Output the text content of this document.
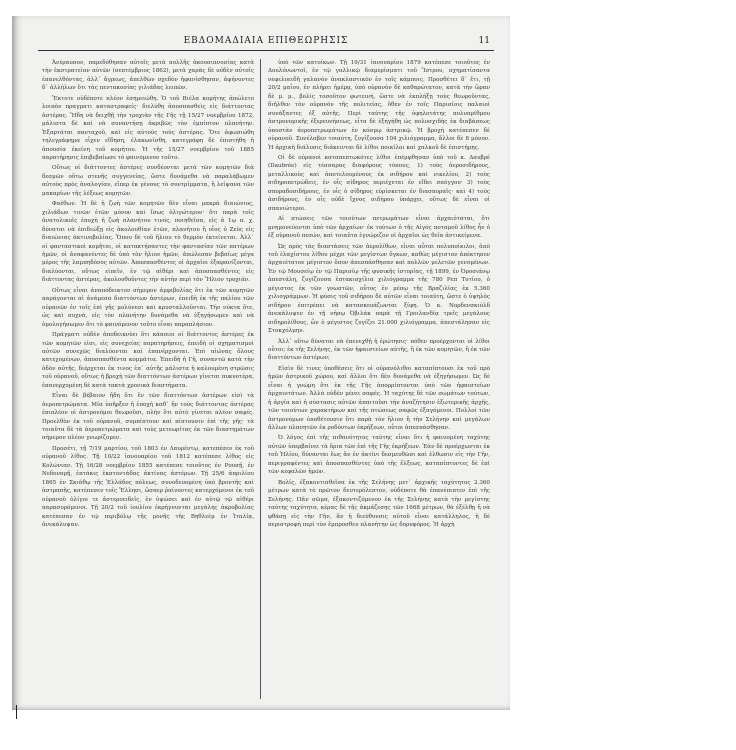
ΕΒΔΟΜΑΔΙΑΙΑ ΕΠΙΘΕΩΡΗΣΙΣ	11

Ἀνέραυσον, παρεδόθησαν αὐτοῖς μετὰ πολλῆς ἀκουσιανοσίας κατὰ τὴν ἐκστρατείαν αὐτῶν (σεπτέμβριος 1862), μετὰ χαρὰς δὲ οὐδὲν αὐτοῖς ἐπανελθόντας, ἀλλ᾽ ἄγρεως, ἀπελθὼν σχεδὸν ἠφανίσθησαν, ἀφήνοντες δ᾽ ἀλλήλων ὅτι τὰς πεντακοσίας γιλιάδας λειπῶν.

Ἔκτοτε οὐδέποτε πλέον ἐσημειώθη. Ὁ τοῦ Βιέλα κομήτης ἀπώλετο λοιπὸν πραγματι καταστραφείς· διελύθη ἀποσπασθεὶς εἰς διάττοντας ἀστέρας. Ἤδη νὰ δειχθῇ τὴν τροχιὰν τῆς Γῆς τῇ 15/27 νοεμβρίου 1872, μάλιστα δὲ καὶ νὰ συναντήσῃ ἀκριβῶς τὸν ἐμπίπτον πλανήτην. Ἐξαρτάται πανταχοῦ, καὶ εἰς αὐτοὺς τοὺς ἀστέρας. Ὅτε ἀφωσιώθη τηλεγράφημα εἶχεν εἴδηση, ἐλακωνίσθη, κατεγράφη δὲ ἐπιστήθη ἡ ἀπουσία ἐκείνη τοῦ κομήτου. Ἡ τῆς 15/27 νοεμβρίου τοῦ 1885 παρατήρησις ἐπιβεβαίωσε τὸ φαινόμενον τοῦτο.

Οὕτως οἱ διάττοντες ἀστέρες συνδέονται μετὰ τῶν κομητῶν διὰ δεσμῶν οὕτω στενῆς συγγενείας, ὥστε δυνάμεθα νὰ παραλάβωμεν αὐτοὺς πρὸς ἀναλογίαν, εἴπερ ἐκ γένους τὸ συντρίμματα, ἢ λείψανα τῶν μακαρίων τῆς λέξεως κομητῶν.

Φαέθων. Ἡ δὲ ἡ ζωὴ τῶν κομητῶν δὲν εἶναι μακρὰ διαιώνιος, χιλιάδων τινῶν ἐτῶν μόνον καὶ ἴσως ὀλιγώτερον· ὅτι παρὰ τοῖς ἀνατολικοῖς ἐποχὴ ἡ ζωὴ πλανήτου τινός, ποιηθεῖσα, εἰς ἀ 1ῳ π. χ. δύναται νὰ ἐπιδιώξῃ εἰς ἀκολουθίαν ἐτῶν, πλανήτου ἢ οἷος ὁ Ζεὺς εἰς διαιώνιας ἀκτινοβολίας. Ὅπου δὲ τοῦ ἥλιου τὸ θερμὸν ἐκτείνεται. Ἀλλ᾽ οἱ φανταστικοὶ κομῆται, οἱ κατακτήσαντες τὴν φαντασίαν τῶν πατέρων ἡμῶν, οἱ ἀναφανέντες δὲ ὑπὸ τὸν ἥλιον ἡμῶν, ἀπώλεσαν βεβαίως μέγα μέρος τῆς λαμπηδόνος αὐτῶν. Ἀποσπασθέντες οἱ ἀρχαῖοι ἐξαφανίζονται, διαλύονται, οὕτως εἰπεῖν, ἐν τῷ αἰθέρι καὶ ἀποσπασθέντες εἰς διάττοντας ἀστέρας, ἀκολουθοῦντες τὴν αὐτὴν περὶ τὸν Ἥλιον τροχιάν.

Οὕτως εἶναι ἀναπόδεικτον σήμερον ἀμφιβολίας ὅτι ἐκ τῶν κομητῶν παράγονται αἱ ἀνάμεσα διαττόντων ἀστέρων, ἐπειδὴ ἐκ τῆς παλίου τῶν οὐρανῶν ἐν τοῖς ἐπὶ γῆς μολύνεσι καὶ κρυσταλλοῦνται. Τὴν νύκτα ὅτε, ὡς καὶ συχνὰ, εἰς τὸν πλανήτην δυνάμεθα νὰ ἐξηγήσωμεν καὶ νὰ ὁμολογήσωμεν ὅτι τὸ φαινόμενον τοῦτο εἶναι παραπλήσιον.

Πράγματι οὐδὲν ἀποδεικνύει ὅτι κάποιοι οἱ διάττοντες ἀστέρες ἐκ τῶν κομητῶν εἰσι, εἰς συνεχείας παρατηρήσεις, ἐπειδὴ οἱ σχηματισμοὶ αὐτῶν συνεχῶς διαλύονται καὶ ἐπανέρχονται. Ἐπὶ αἰώνας ὅλους κατεχομένων, ἀποσπασθέντα κομμάτια. Ἐπειδὴ ἡ Γῆ, συναντῶ κατὰ τὴν ὁδὸν αὐτῆς, διέρχεται ἐκ τινος ἐπ᾽ αὐτῆς μάλιστα ἡ καλουμένη στρῶσις τοῦ οὐρανοῦ, οὕτως ἡ βροχὴ τῶν διαττόντων ἀστέρων γίνεται πυκνοτέρα, ἐπανερχομένη δὲ κατὰ τακτὰ χρονικὰ διαστήματα.

Εἶναι δὲ βέβαιον ἤδη ὅτι ἓν τῶν διαττόντων ἀστέρων εἰσὶ τὰ ἀεροπετρώματα. Μία ὑπῆρξεν ἡ ἐποχὴ καθ᾽ ἣν τοὺς διάττοντας ἀστέρας ἐπιπλέον οἱ ἀστρονόμοι θεωροῦσι, πλὴν ὅτι αὐτὸ γίνεται πλέον σαφές. Προελθὸν ἐκ τοῦ οὐρανοῦ, συμπίπτουν καὶ πίπτουσιν ἐπὶ τῆς γῆς· τὰ τοιαῦτα δὲ τὰ ἀεροπετρώματα καὶ τοὺς μετεωρίτας ἐκ τῶν διαστημάτων σήμερον πλέον γνωρίζομεν.

Προσέτι, τῇ 7/19 μαρτίου, τοῦ 1803 ἐν Λαυρέντῳ, κατεπέσεν ἐκ τοῦ οὐρανοῦ λίθος. Τῇ 10/22 ἰανουαρίου τοῦ 1812 κατέπεσε λίθος εἰς Κολώνιαν. Τῇ 16/28 νοεμβρίου 1855 κατέπεσε τοιοῦτος ἐν Ρουσῇ, ἐν Νεδοναρῇ, ἑπτάκις ἐκατοντάδας ἀκτίνας ἀστέρων. Τῇ 25/6 ἀπριλίου 1865 ἐν Σκιάθῳ τῆς Ἑλλάδος πόλεως, συνοδευομένη ὑπὸ βροντῆς καὶ ἀστραπῆς, κατέπεσεν τοῖς Ἕλλησι, ὥσπερ ῥαίνοντες κατερχόμενοι ἐκ τοῦ οὐρανοῦ ὀλίγοι τε ἀστεροειδεῖς, ἐν ὑψώσει καὶ ἐν αὐτῷ τῷ αἰθέρι παρασυρόμενοι. Τῇ 20/2 τοῦ ἰουλίου ἐκρήγνυνται μεγάλης ἀκροβολίας κατέπεσαν ἐν τῷ περιβόλῳ τῆς μονῆς τῆς Βηθλεὲμ ἐν Ἰταλίᾳ, ἀνεκάλυψαν.

ὑπὸ τῶν κατοίκων. Τῇ 19/31 ἰανουαρίου 1879 κατέπεσε τοιοῦτος ἐν Δουλόνωντοῖ, ἐν τῷ γαλλικῷ διαμερίσματι τοῦ Ἴστρου, σχηματίσαντα νεφελοειδῆ γαλανὸν ἀνακλαστικὸν ἐν τοῖς κάμποις. Προσθέτει δ᾽ ἔτι, τῇ 20/2 μαΐου, ἐν πλήρει ἡμέρᾳ, ὑπὸ οὐρανὸν δὲ καθαρώτατον, κατὰ τὴν ὥραν δὲ μ. μ., βολὶς τοσοῦτον φωτεινή, ὥστε νὰ ἐκπλήξῃ τοὺς θεωροῦντας, διῆλθεν τὸν οὐρανὸν τῆς πολιτείας, ὅθεν ἐν τοῖς Παρισίοις παλαιοὶ συνάξαντες ἐξ αὐτῆς. Περὶ ταύτης τῆς ὑφηλοτάτης πολυαρίθμου ἀστρονομικῆς ἐξερευνήσεως, εἶτα δὲ ἐξηγήθη ὡς πολυσχιδὴς ἐκ διαβάσεως ὑποστὰν ἀεροπετρωμάτων ἐν κόσμῳ ἀστρικῷ. Ἡ βροχὴ κατέπεσεν δὲ οὐρανοῦ. Συνέλαβεν τοιαύτη, ζυγίζουσα 104 χιλιόγραμμα, ἄλλοι δὲ 8 μόνον. Ἡ ἀρχικὴ διάλυσις διάκεινται δὲ λίθοι ποικίλοι καὶ χαλκοῦ δὲ ἐπιστήμης.

Οἱ δὲ οὐρανοὶ καταπεπτωκότες λίθοι ἐπέμφθησαν ὑπὸ τοῦ κ. Δαυβρὲ (Daubrée) εἰς τέσσαρας διαφόρους τύπους, 1) τοὺς ἀεροσιδήρους, μεταλλικοὺς καὶ ἀποτελουμένους ἐκ σιδήρου καὶ νικελίου, 2) τοὺς σιδηροπετρώδεις, ἐν οἷς σίδηρος περιέχεται ἐν εἴδει σπόγγου· 3) τοὺς σποραδοσιδήρους, ἐν οἷς ὁ σίδηρος εὑρίσκεται ἐν διασποραῖς· καὶ 4) τοὺς ἀσιδήρους, ἐν οἷς οὐδὲ ἴχνος σιδήρου ὑπάρχει, οὕτως δὲ εἶναι οἱ σπανιώτεροι.

Αἱ πτώσεις τῶν τοιούτων πετρωμάτων εἶναι ἀρχαιόταται, ὅτι μνημονεύονται ὑπὸ τῶν ἀρχαίων· ἐκ τούτων ὁ τῆς Αἰγός ποταμοῦ λίθος ἦν ὁ ἐξ οὐρανοῦ πεσών, καὶ τοιαῦτα ἐγνώριζον οἱ ἀρχαῖοι ὡς θεῖα ἀντικείμενα.

Ὡς πρὸς τὰς διαστάσεις τῶν ἀερολίθων, εἶναι αὗται πολυποίκιλοι, ἀπὸ τοῦ ἐλαχίστου λίθου μέχρι τῶν μεγίστων ὄγκων, καθὼς μέγιστον ἀπέκτησεν ἀρχαιότατον μέγιστον ὅσον ἀπεσπάσθησαν καὶ πολλῶν μελετῶν γενομένων. Ἐν τῷ Μουσείῳ ἐν τῷ Παρισίῳ τῆς φυσικῆς ἱστορίας, τῇ 1899, ἐν Ὀροσιάνῳ ἀπεστάλη, ζυγίζουσα ἑπτακισχίλια χιλιόγραμμα τῆς 780 Ρεπ Τυτίου, ὁ μέγιστος ἐκ τῶν γνωστῶν, οὗτος ἐν μέσῳ τῆς Βραζιλίας ἐκ 5.360 χιλιογράμμων. Ἡ φύσις τοῦ σιδήρου δὲ αὐτῶν εἶναι τοιαύτη, ὥστε ὁ ὑψηλὸς σιδήρου ἐπιτρέπει νὰ κατασκευάζωνται ξίφη. Ὁ κ. Νορδενσκιὸλδ ἀνεκάλυψεν ἐν τῇ νήσῳ Ὀβιλάκ παρὰ τῇ Γροιλανδίᾳ τρεῖς μεγάλους σιδηρολίθους, ὧν ὁ μέγιστος ζυγίζει 21.000 χιλιόγραμμα, ἀπεστάλησαν εἰς Στοκχόλμην.

Ἀλλ᾽ οὕτω δύναται νὰ ἐπενεχθῇ ἡ ἐρώτησις· πόθεν προέρχονται οἱ λίθοι οὗτοι; ἐκ τῆς Σελήνης, ἐκ τῶν ἡφαιστείων αὐτῆς, ἢ ἐκ τῶν κομητῶν, ἢ ἐκ τῶν διαττόντων ἀστέρων;

Εἰσὶν δὲ τινες ὑποθέσεις ὅτι οἱ οὐρανόλιθοι καταπίπτουσι ἐκ τοῦ πρὸ ἡμῶν ἀστρικοῦ χώρου, καὶ ἄλλοι ὅτι δὲν δυνάμεθα νὰ ἐξηγήσωμεν. Ὡς δὲ εἶναι ἡ γνώμη ὅτι ἐκ τῆς Γῆς ἀπορρίπτονται ὑπὸ τῶν ἡφαιστείων ἀρχαιοτάτων. Ἀλλὰ οὐδὲν μένει σαφὲς. Ἡ ταχύτης δὲ τῶν σωμάτων τούτων, ἡ ἀργία καὶ ἡ σύστασις αὐτῶν ἀπαιτοῦσι τὴν ἀναζήτησιν ἐξωτερικῆς ἀρχῆς, τῶν τοιούτων χαρακτήρων καὶ τῆς πτώσεως σαφῶς ἐξαγόμενοι. Πολλοὶ τῶν ἀστρονόμων ὑποθέτουσιν ὅτι παρὰ τὸν ἥλιον ἢ τὴν Σελήνην καὶ μεγάλων ἄλλων πλανητῶν ἐκ ροδόντων ἐκρήξεων, οὗτοι ἀπεσπάσθησαν.

Ὁ λόγος ἐπὶ τῆς πιθανότητος ταύτης εἶναι ὅτι ἡ φαινομένη ταχύτης αὐτῶν ὑπερβαίνει τὰ ὅρια τῶν ἐπὶ τῆς Γῆς ἐκρήξεων. Ἐὰν δὲ προέρχωνται ἐκ τοῦ Ἡλίου, δύνανται ἕως ἂν ἐν ἀκτίνι δεσμευθῶσι καὶ ἐλθωσιν εἰς τὴν Γῆν, περιγραφέντες καὶ ἀποσπασθέντες ὑπὸ τῆς ἕλξεως, καταπίπτοντες δὲ ἐπὶ τῶν κεφαλῶν ἡμῶν.

Βολίς, ἐξακοντισθεῖσα ἐκ τῆς Σελήνης μετ᾽ ἀρχικῆς ταχύτητος 2.360 μέτρων κατὰ τὸ πρῶτον δευτερόλεπτον, οὐδέποτε θὰ ἐπανέπιπτεν ἐπὶ τῆς Σελήνης. Πᾶν σῶμα, ἐξακοντιζόμενον ἐκ τῆς Σελήνης κατὰ τὴν μεγίστης ταύτης ταχύτητα, κέρας δὲ τῆς ἀκμάζεσης τῶν 1668 μέτρων, θὰ ἐξέλθῃ ἢ νὰ φθάσῃ εἰς τὴν Γῆν, ἂν ἡ διεύθυνσις αὐτοῦ εἶναι κατάλληλος, ἡ δὲ περιστροφὴ περὶ τὸν ἔμπροσθεν πλανήτην ὡς δορυφόρος. Ἡ ἀρχὴ
